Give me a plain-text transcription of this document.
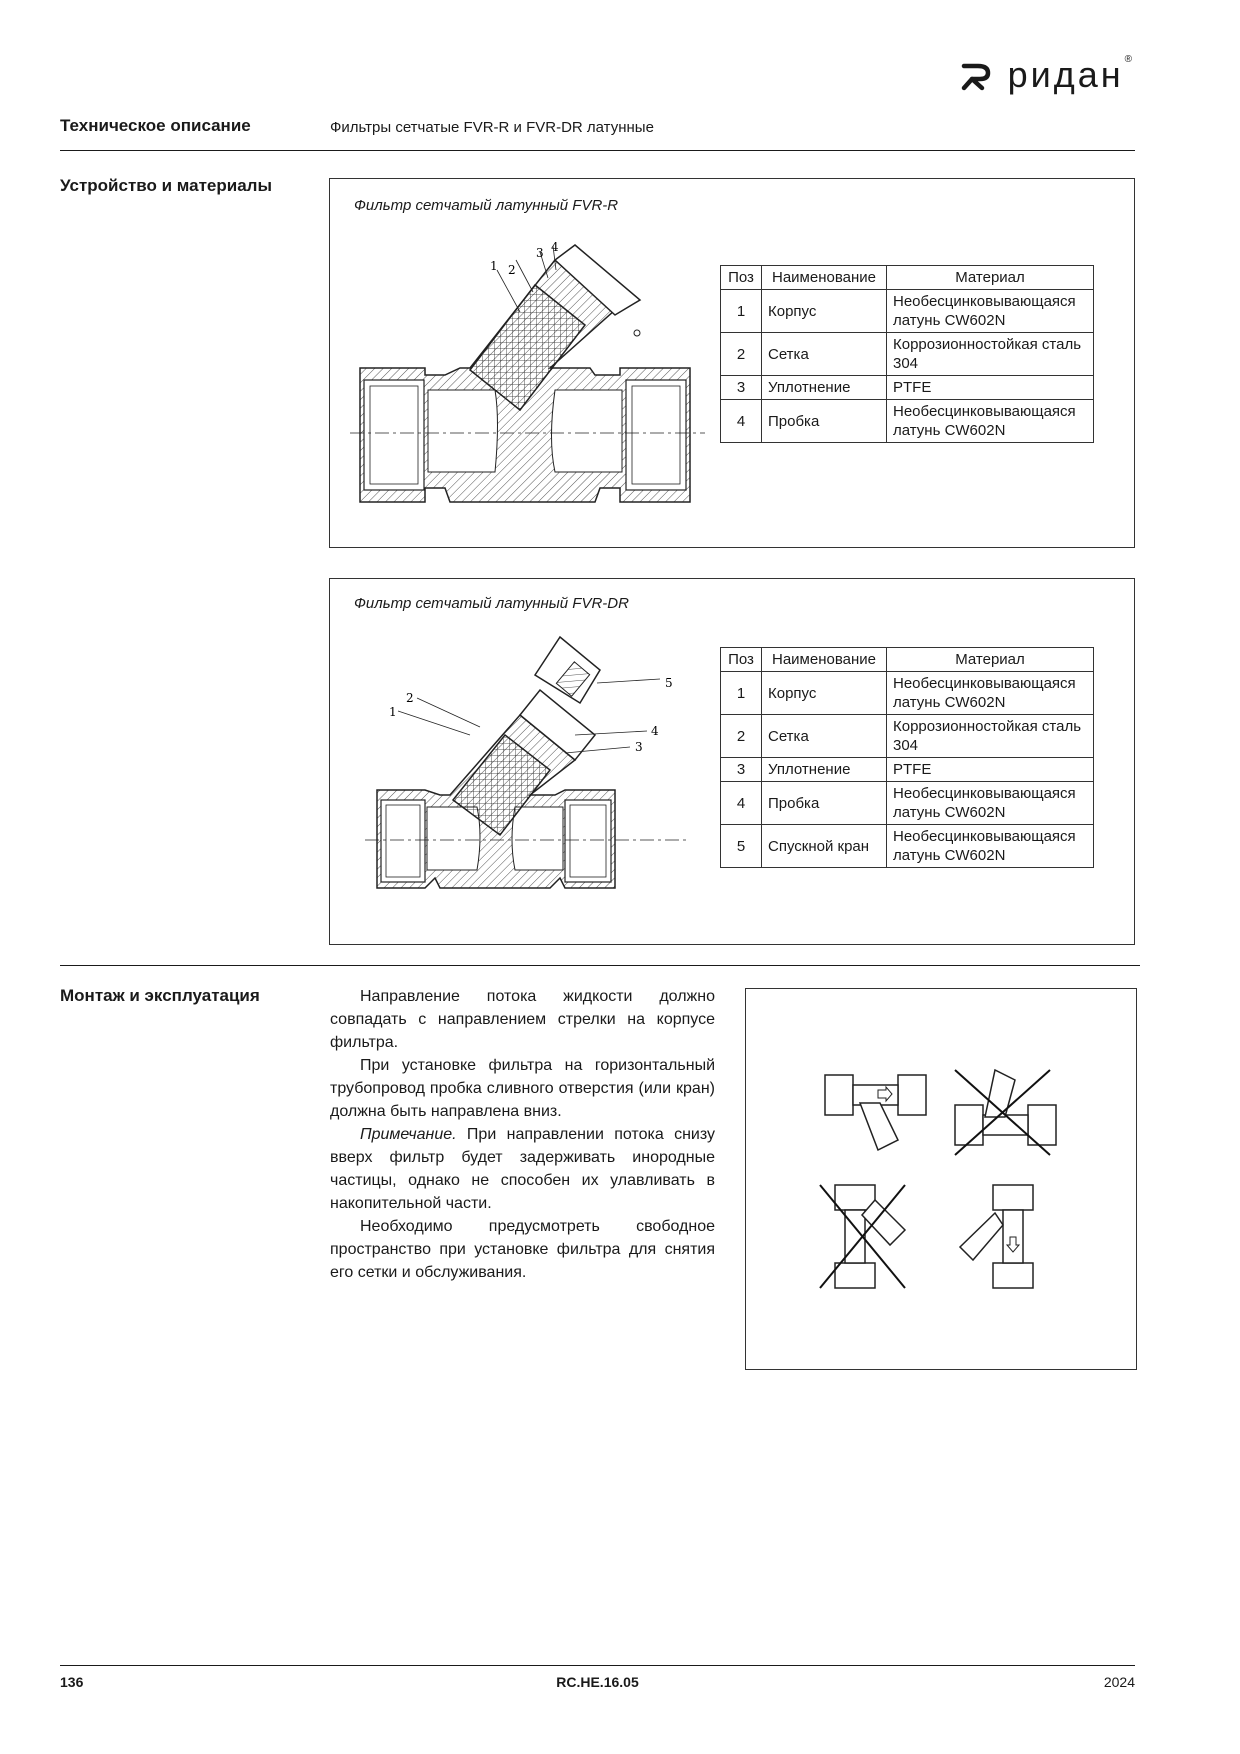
ридан®
Техническое описание	Фильтры сетчатые FVR-R и FVR-DR латунные
Устройство и материалы
Фильтр сетчатый латунный FVR-R
1 2
3 4
Поз	Наименование	Материал
1	Корпус	Необесцинковывающаяся латунь CW602N
2	Сетка	Коррозионностойкая сталь 304
3	Уплотнение	PTFE
4	Пробка	Необесцинковывающаяся латунь CW602N
Фильтр сетчатый латунный FVR-DR
1
2
3
4
5
Поз	Наименование	Материал
1	Корпус	Необесцинковывающаяся латунь CW602N
2	Сетка	Коррозионностойкая сталь 304
3	Уплотнение	PTFE
4	Пробка	Необесцинковывающаяся латунь CW602N
5	Спускной кран	Необесцинковывающаяся латунь CW602N
Монтаж и эксплуатация	Направление потока жидкости должно совпадать с направлением стрелки на корпусе фильтра.

При установке фильтра на горизонтальный трубопровод пробка сливного отверстия (или кран) должна быть направлена вниз.

Примечание. При направлении потока снизу вверх фильтр будет задерживать инородные частицы, однако не способен их улавливать в накопительной части.

Необходимо предусмотреть свободное пространство при установке фильтра для снятия его сетки и обслуживания.

136	RC.HE.16.05	2024
